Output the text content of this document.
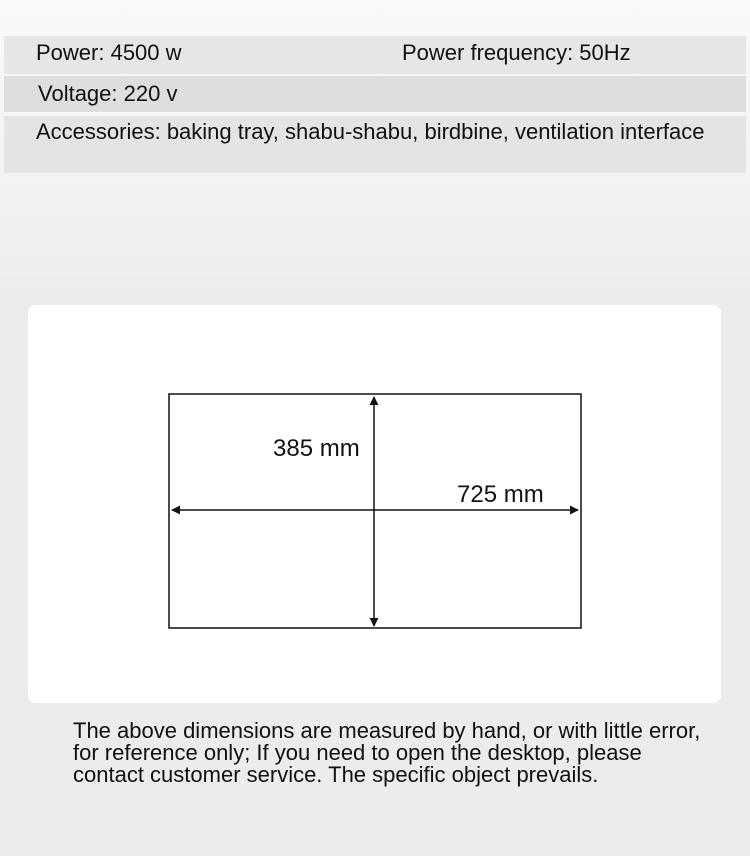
Power: 4500 w	Power frequency: 50Hz
Voltage: 220 v
Accessories: baking tray, shabu-shabu, birdbine, ventilation interface
385 mm
725 mm
The above dimensions are measured by hand, or with little error, for reference only; If you need to open the desktop, please contact customer service. The specific object prevails.
